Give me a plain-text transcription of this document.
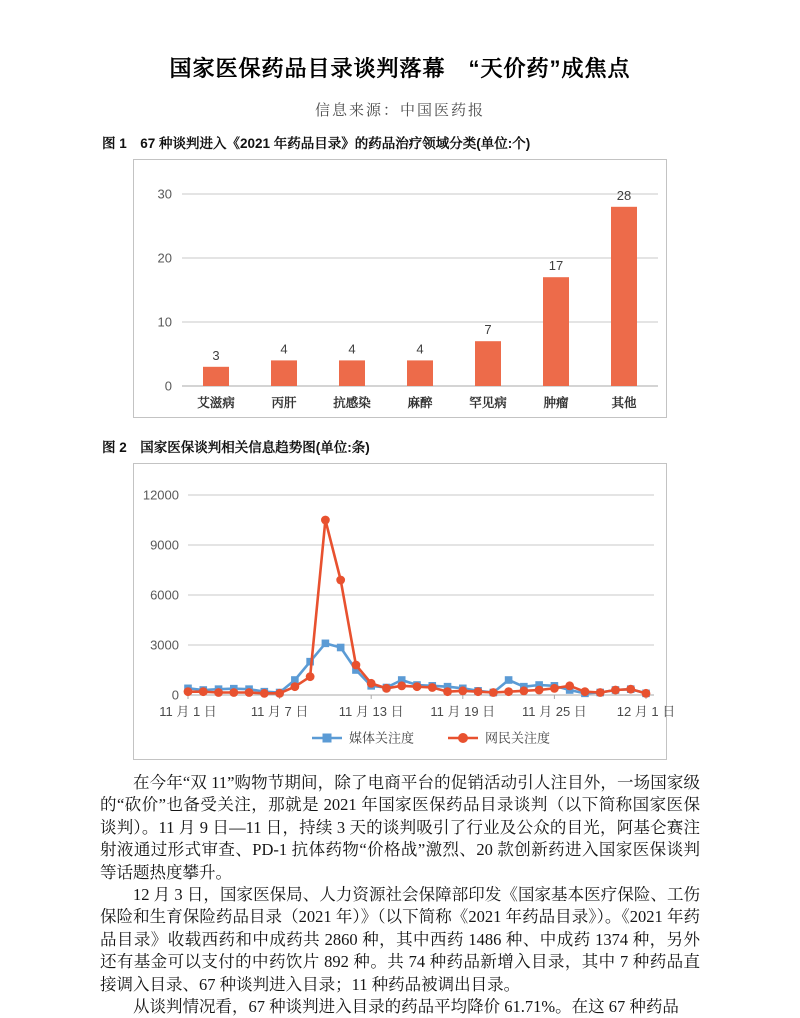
国家医保药品目录谈判落幕　“天价药”成焦点
信息来源：中国医药报
图 1　67 种谈判进入《2021 年药品目录》的药品治疗领域分类(单位:个)
0
10
20
30
3
艾滋病
4
丙肝
4
抗感染
4
麻醉
7
罕见病
17
肿瘤
28
其他
图 2　国家医保谈判相关信息趋势图(单位:条)
0
3000
6000
9000
12000
11 月 1 日	11 月 7 日 11 月 13 日 11 月 19 日 11 月 25 日 12 月 1 日
媒体关注度	网民关注度

在今年“双 11”购物节期间，除了电商平台的促销活动引人注目外，一场国家级的“砍价”也备受关注，那就是 2021 年国家医保药品目录谈判（以下简称国家医保谈判）。11 月 9 日—11 日，持续 3 天的谈判吸引了行业及公众的目光，阿基仑赛注射液通过形式审查、PD-1 抗体药物“价格战”激烈、20 款创新药进入国家医保谈判等话题热度攀升。

12 月 3 日，国家医保局、人力资源社会保障部印发《国家基本医疗保险、工伤保险和生育保险药品目录（2021 年）》（以下简称《2021 年药品目录》）。《2021 年药品目录》收载西药和中成药共 2860 种，其中西药 1486 种、中成药 1374 种，另外还有基金可以支付的中药饮片 892 种。共 74 种药品新增入目录，其中 7 种药品直接调入目录、67 种谈判进入目录；11 种药品被调出目录。

从谈判情况看，67 种谈判进入目录的药品平均降价 61.71%。在这 67 种药品
